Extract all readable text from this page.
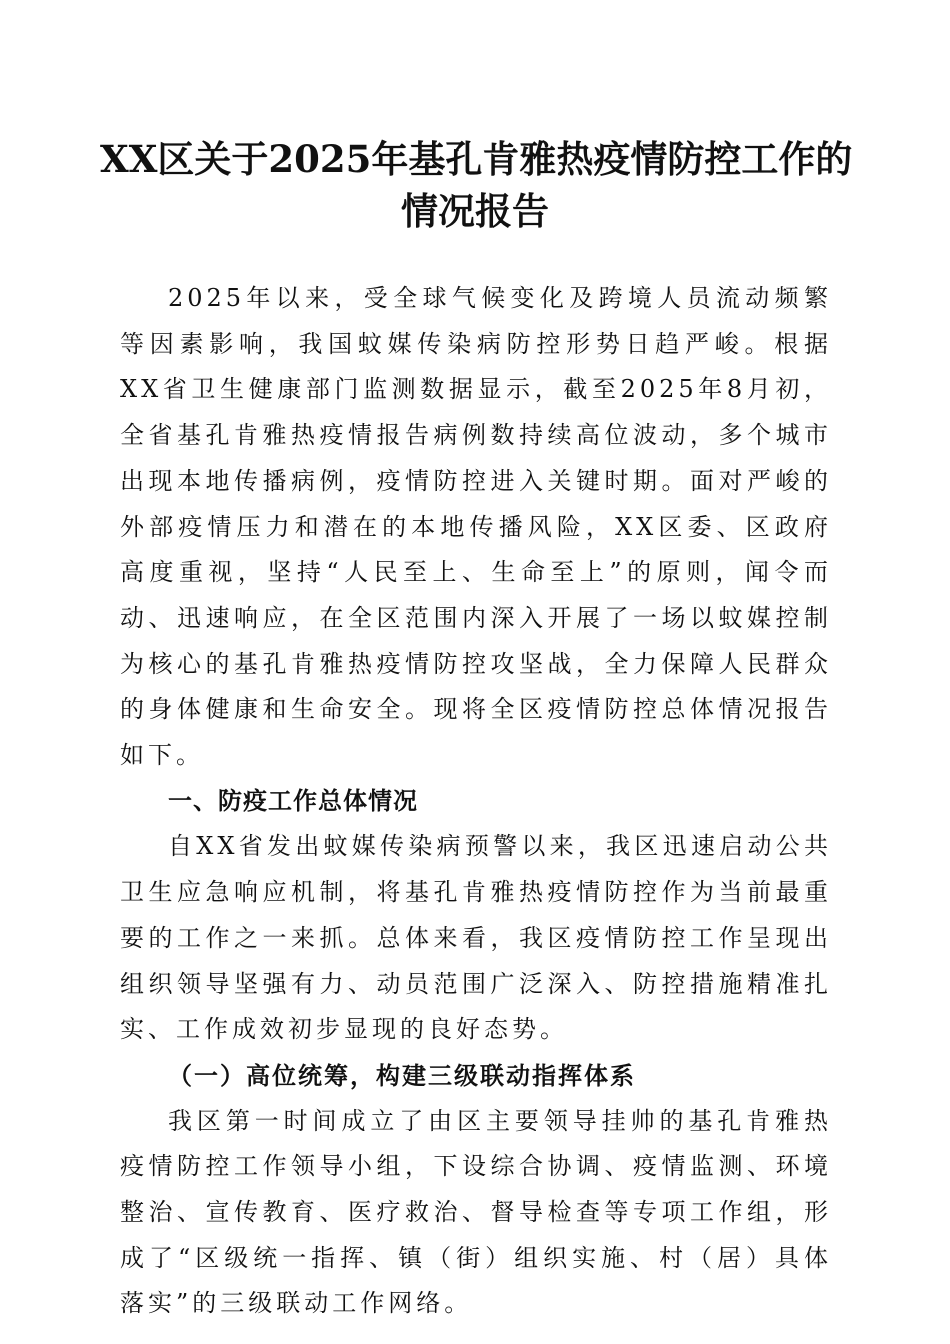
XX区关于2025年基孔肯雅热疫情防控工作的
情况报告

2025年以来，受全球气候变化及跨境人员流动频繁等因素影响，我国蚊媒传染病防控形势日趋严峻。根据XX省卫生健康部门监测数据显示，截至2025年8月初，全省基孔肯雅热疫情报告病例数持续高位波动，多个城市出现本地传播病例，疫情防控进入关键时期。面对严峻的外部疫情压力和潜在的本地传播风险，XX区委、区政府高度重视，坚持“人民至上、生命至上”的原则，闻令而动、迅速响应，在全区范围内深入开展了一场以蚊媒控制为核心的基孔肯雅热疫情防控攻坚战，全力保障人民群众的身体健康和生命安全。现将全区疫情防控总体情况报告如下。

一、防疫工作总体情况

自XX省发出蚊媒传染病预警以来，我区迅速启动公共卫生应急响应机制，将基孔肯雅热疫情防控作为当前最重要的工作之一来抓。总体来看，我区疫情防控工作呈现出组织领导坚强有力、动员范围广泛深入、防控措施精准扎实、工作成效初步显现的良好态势。

（一）高位统筹，构建三级联动指挥体系

我区第一时间成立了由区主要领导挂帅的基孔肯雅热疫情防控工作领导小组，下设综合协调、疫情监测、环境整治、宣传教育、医疗救治、督导检查等专项工作组，形成了“区级统一指挥、镇（街）组织实施、村（居）具体落实”的三级联动工作网络。
